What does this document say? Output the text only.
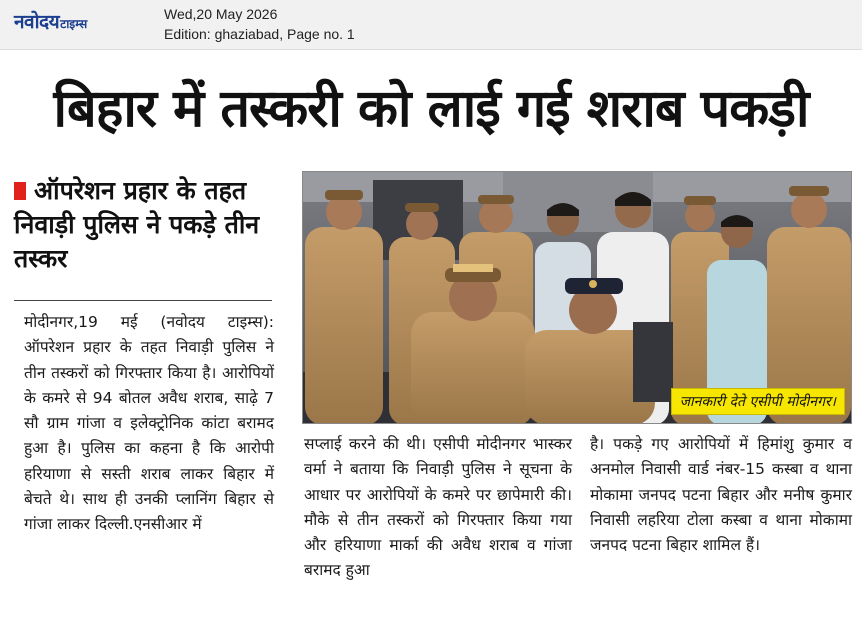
नवोदय टाइम्स
Wed,20 May 2026
Edition: ghaziabad, Page no. 1
बिहार में तस्करी को लाई गई शराब पकड़ी
ऑपरेशन प्रहार के तहत निवाड़ी पुलिस ने पकड़े तीन तस्कर

मोदीनगर,19 मई (नवोदय टाइम्स): ऑपरेशन प्रहार के तहत निवाड़ी पुलिस ने तीन तस्करों को गिरफ्तार किया है। आरोपियों के कमरे से 94 बोतल अवैध शराब, साढ़े 7 सौ ग्राम गांजा व इलेक्ट्रोनिक कांटा बरामद हुआ है। पुलिस का कहना है कि आरोपी हरियाणा से सस्ती शराब लाकर बिहार में बेचते थे। साथ ही उनकी प्लानिंग बिहार से गांजा लाकर दिल्ली.एनसीआर में

जानकारी देते एसीपी मोदीनगर।

सप्लाई करने की थी। एसीपी मोदीनगर भास्कर वर्मा ने बताया कि निवाड़ी पुलिस ने सूचना के आधार पर आरोपियों के कमरे पर छापेमारी की। मौके से तीन तस्करों को गिरफ्तार किया गया और हरियाणा मार्का की अवैध शराब व गांजा बरामद हुआ

है। पकड़े गए आरोपियों में हिमांशु कुमार व अनमोल निवासी वार्ड नंबर-15 कस्बा व थाना मोकामा जनपद पटना बिहार और मनीष कुमार निवासी लहरिया टोला कस्बा व थाना मोकामा जनपद पटना बिहार शामिल हैं।
